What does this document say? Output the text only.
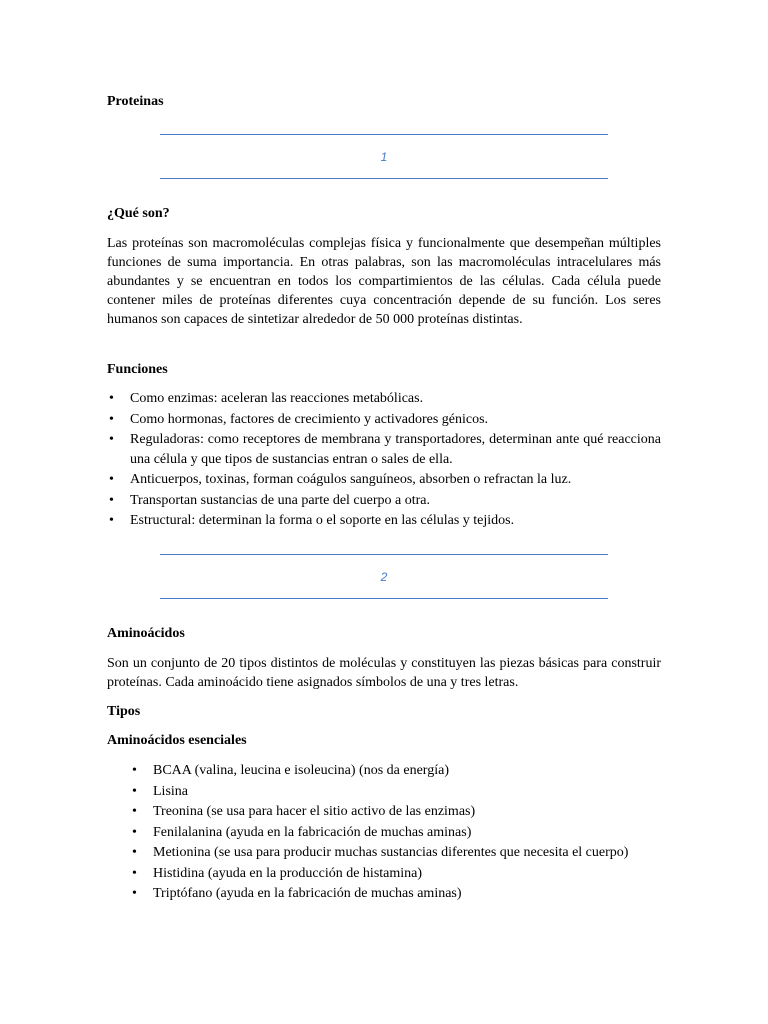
Proteinas
1
¿Qué son?
Las proteínas son macromoléculas complejas física y funcionalmente que desempeñan múltiples funciones de suma importancia. En otras palabras, son las macromoléculas intracelulares más abundantes y se encuentran en todos los compartimientos de las células. Cada célula puede contener miles de proteínas diferentes cuya concentración depende de su función. Los seres humanos son capaces de sintetizar alrededor de 50 000 proteínas distintas.
Funciones
• Como enzimas: aceleran las reacciones metabólicas.
• Como hormonas, factores de crecimiento y activadores génicos.
• Reguladoras: como receptores de membrana y transportadores, determinan ante qué reacciona una célula y que tipos de sustancias entran o sales de ella.
• Anticuerpos, toxinas, forman coágulos sanguíneos, absorben o refractan la luz.
• Transportan sustancias de una parte del cuerpo a otra.
• Estructural: determinan la forma o el soporte en las células y tejidos.
2
Aminoácidos
Son un conjunto de 20 tipos distintos de moléculas y constituyen las piezas básicas para construir proteínas. Cada aminoácido tiene asignados símbolos de una y tres letras.
Tipos
Aminoácidos esenciales
• BCAA (valina, leucina e isoleucina) (nos da energía)
• Lisina
• Treonina (se usa para hacer el sitio activo de las enzimas)
• Fenilalanina (ayuda en la fabricación de muchas aminas)
• Metionina (se usa para producir muchas sustancias diferentes que necesita el cuerpo)
• Histidina (ayuda en la producción de histamina)
• Triptófano (ayuda en la fabricación de muchas aminas)
